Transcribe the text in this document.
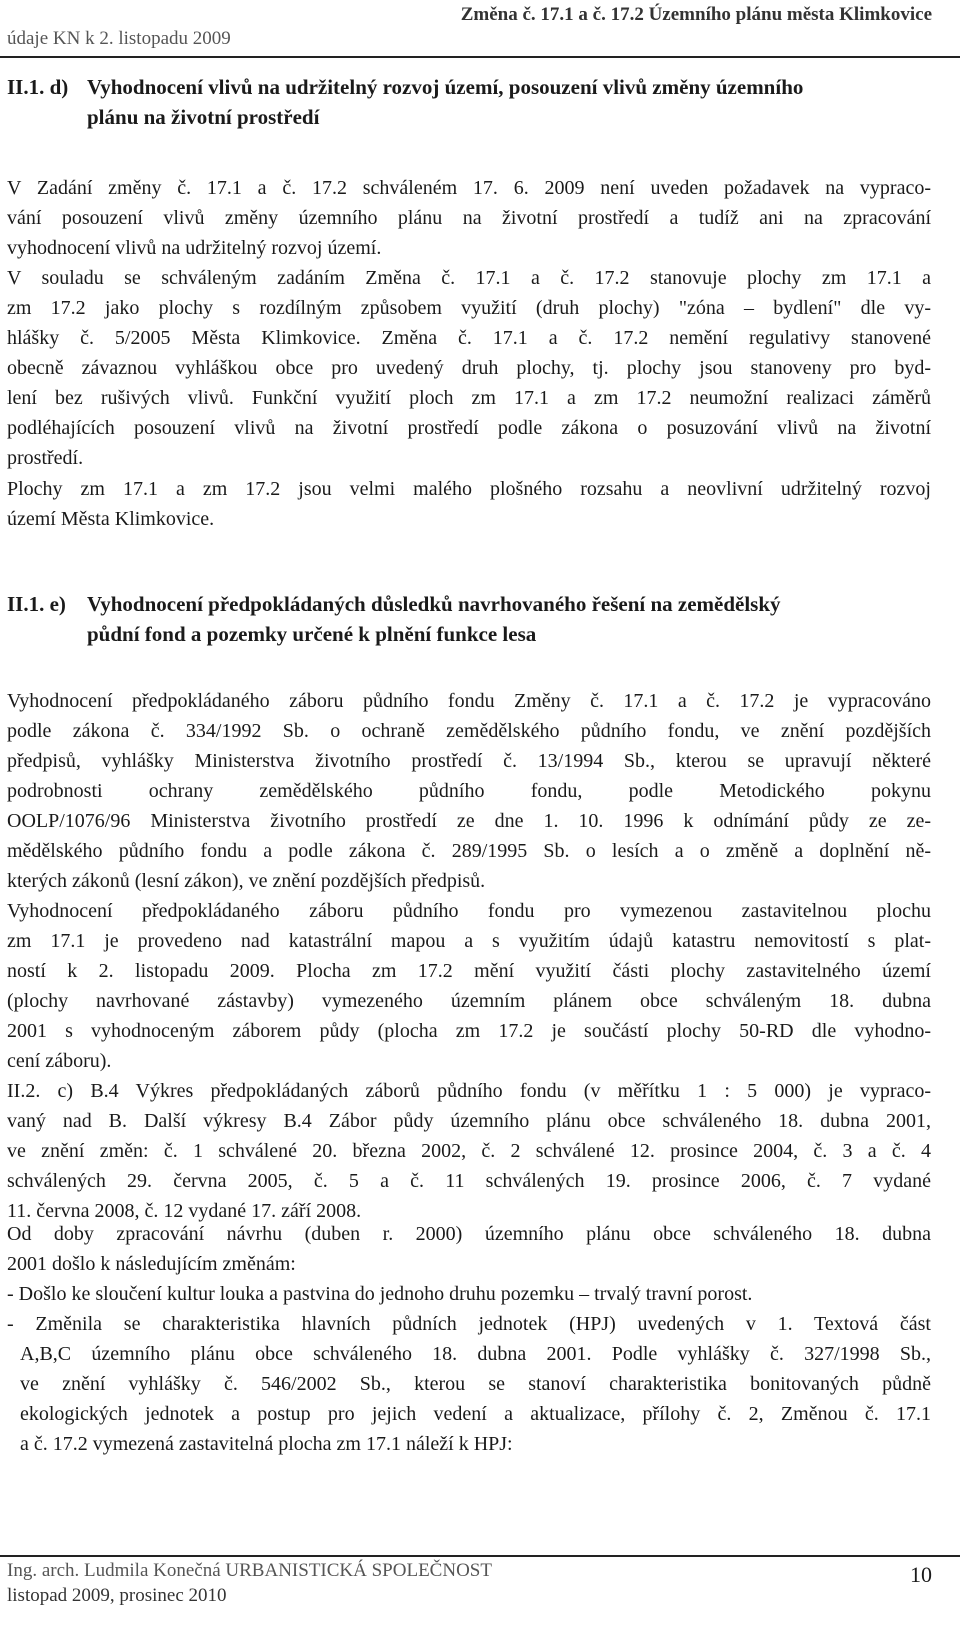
Změna č. 17.1 a č. 17.2 Územního plánu města Klimkovice
údaje KN k 2. listopadu 2009
II.1. d) Vyhodnocení vlivů na udržitelný rozvoj území, posouzení vlivů změny územního
plánu na životní prostředí
V Zadání změny č. 17.1 a č. 17.2 schváleném 17. 6. 2009 není uveden požadavek na vypraco-
vání posouzení vlivů změny územního plánu na životní prostředí a tudíž ani na zpracování
vyhodnocení vlivů na udržitelný rozvoj území.
V souladu se schváleným zadáním Změna č. 17.1 a č. 17.2 stanovuje plochy zm 17.1 a
zm 17.2 jako plochy s rozdílným způsobem využití (druh plochy) "zóna – bydlení" dle vy-
hlášky č. 5/2005 Města Klimkovice. Změna č. 17.1 a č. 17.2 nemění regulativy stanovené
obecně závaznou vyhláškou obce pro uvedený druh plochy, tj. plochy jsou stanoveny pro byd-
lení bez rušivých vlivů. Funkční využití ploch zm 17.1 a zm 17.2 neumožní realizaci záměrů
podléhajících posouzení vlivů na životní prostředí podle zákona o posuzování vlivů na životní
prostředí.
Plochy zm 17.1 a zm 17.2 jsou velmi malého plošného rozsahu a neovlivní udržitelný rozvoj
území Města Klimkovice.
II.1. e) Vyhodnocení předpokládaných důsledků navrhovaného řešení na zemědělský
půdní fond a pozemky určené k plnění funkce lesa
Vyhodnocení předpokládaného záboru půdního fondu Změny č. 17.1 a č. 17.2 je vypracováno
podle zákona č. 334/1992 Sb. o ochraně zemědělského půdního fondu, ve znění pozdějších
předpisů, vyhlášky Ministerstva životního prostředí č. 13/1994 Sb., kterou se upravují některé
podrobnosti ochrany zemědělského půdního fondu, podle Metodického pokynu
OOLP/1076/96 Ministerstva životního prostředí ze dne 1. 10. 1996 k odnímání půdy ze ze-
mědělského půdního fondu a podle zákona č. 289/1995 Sb. o lesích a o změně a doplnění ně-
kterých zákonů (lesní zákon), ve znění pozdějších předpisů.
Vyhodnocení předpokládaného záboru půdního fondu pro vymezenou zastavitelnou plochu
zm 17.1 je provedeno nad katastrální mapou a s využitím údajů katastru nemovitostí s plat-
ností k 2. listopadu 2009. Plocha zm 17.2 mění využití části plochy zastavitelného území
(plochy navrhované zástavby) vymezeného územním plánem obce schváleným 18. dubna
2001 s vyhodnoceným záborem půdy (plocha zm 17.2 je součástí plochy 50-RD dle vyhodno-
cení záboru).
II.2. c) B.4 Výkres předpokládaných záborů půdního fondu (v měřítku 1 : 5 000) je vypraco-
vaný nad B. Další výkresy B.4 Zábor půdy územního plánu obce schváleného 18. dubna 2001,
ve znění změn: č. 1 schválené 20. března 2002, č. 2 schválené 12. prosince 2004, č. 3 a č. 4
schválených 29. června 2005, č. 5 a č. 11 schválených 19. prosince 2006, č. 7 vydané
11. června 2008, č. 12 vydané 17. září 2008.
Od doby zpracování návrhu (duben r. 2000) územního plánu obce schváleného 18. dubna
2001 došlo k následujícím změnám:
- Došlo ke sloučení kultur louka a pastvina do jednoho druhu pozemku – trvalý travní porost.
- Změnila se charakteristika hlavních půdních jednotek (HPJ) uvedených v 1. Textová část
A,B,C územního plánu obce schváleného 18. dubna 2001. Podle vyhlášky č. 327/1998 Sb.,
ve znění vyhlášky č. 546/2002 Sb., kterou se stanoví charakteristika bonitovaných půdně
ekologických jednotek a postup pro jejich vedení a aktualizace, přílohy č. 2, Změnou č. 17.1
a č. 17.2 vymezená zastavitelná plocha zm 17.1 náleží k HPJ:
Ing. arch. Ludmila Konečná URBANISTICKÁ SPOLEČNOST
listopad 2009, prosinec 2010
10
